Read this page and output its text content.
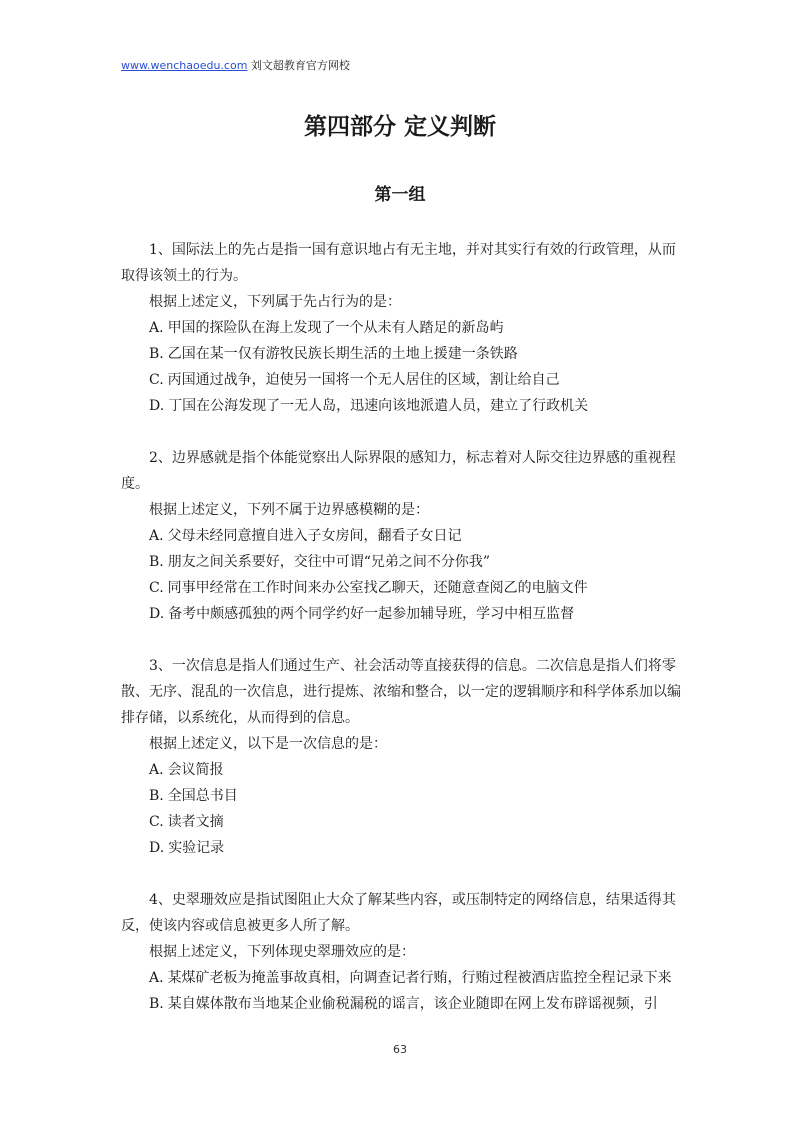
www.wenchaoedu.com 刘文超教育官方网校
第四部分 定义判断
第一组
1、国际法上的先占是指一国有意识地占有无主地，并对其实行有效的行政管理，从而取得该领土的行为。
根据上述定义，下列属于先占行为的是：
A. 甲国的探险队在海上发现了一个从未有人踏足的新岛屿
B. 乙国在某一仅有游牧民族长期生活的土地上援建一条铁路
C. 丙国通过战争，迫使另一国将一个无人居住的区域，割让给自己
D. 丁国在公海发现了一无人岛，迅速向该地派遣人员，建立了行政机关
2、边界感就是指个体能觉察出人际界限的感知力，标志着对人际交往边界感的重视程度。
根据上述定义，下列不属于边界感模糊的是：
A. 父母未经同意擅自进入子女房间，翻看子女日记
B. 朋友之间关系要好，交往中可谓“兄弟之间不分你我”
C. 同事甲经常在工作时间来办公室找乙聊天，还随意查阅乙的电脑文件
D. 备考中颇感孤独的两个同学约好一起参加辅导班，学习中相互监督
3、一次信息是指人们通过生产、社会活动等直接获得的信息。二次信息是指人们将零散、无序、混乱的一次信息，进行提炼、浓缩和整合，以一定的逻辑顺序和科学体系加以编排存储，以系统化，从而得到的信息。
根据上述定义，以下是一次信息的是：
A. 会议简报
B. 全国总书目
C. 读者文摘
D. 实验记录
4、史翠珊效应是指试图阻止大众了解某些内容，或压制特定的网络信息，结果适得其反，使该内容或信息被更多人所了解。
根据上述定义，下列体现史翠珊效应的是：
A. 某煤矿老板为掩盖事故真相，向调查记者行贿，行贿过程被酒店监控全程记录下来
B. 某自媒体散布当地某企业偷税漏税的谣言，该企业随即在网上发布辟谣视频，引
63
